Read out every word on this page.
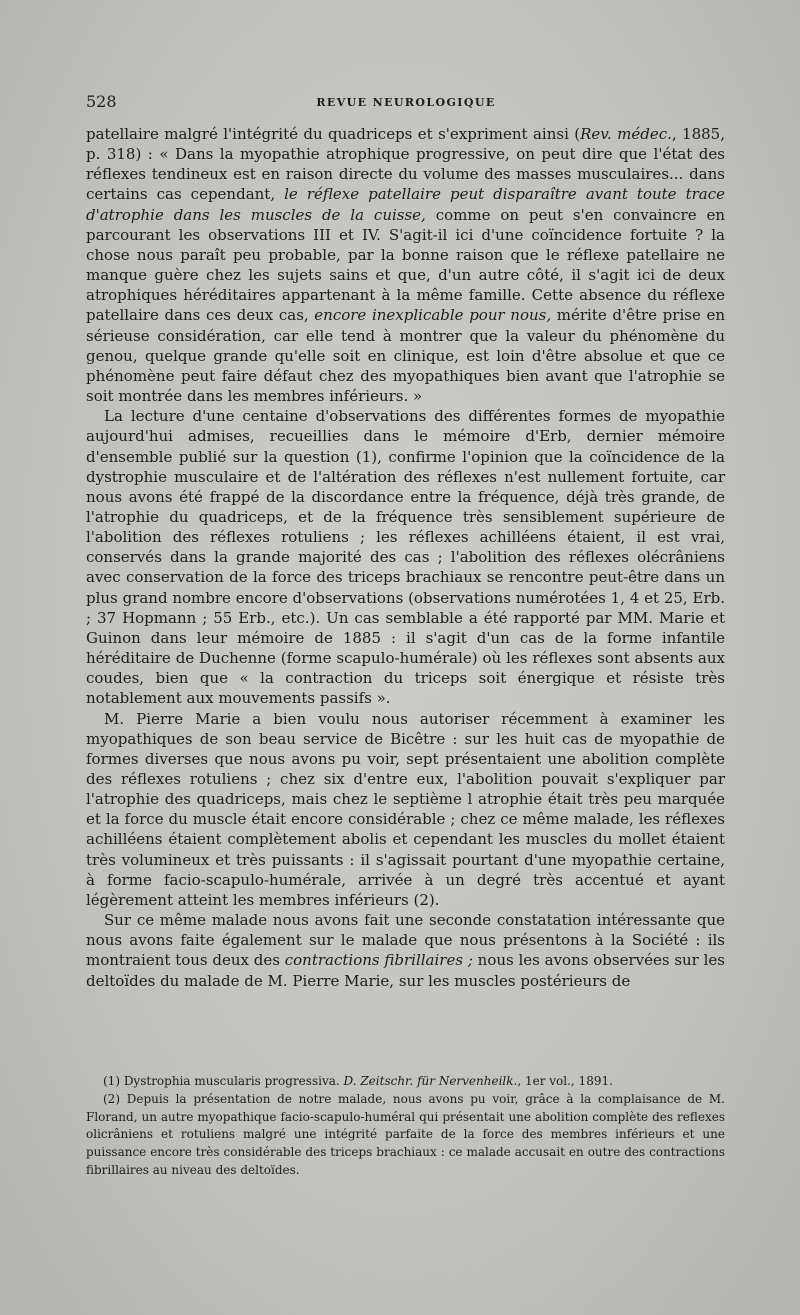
528	REVUE NEUROLOGIQUE

patellaire malgré l'intégrité du quadriceps et s'expriment ainsi (Rev. médec., 1885, p. 318) : « Dans la myopathie atrophique progressive, on peut dire que l'état des réflexes tendineux est en raison directe du volume des masses musculaires... dans certains cas cependant, le réflexe patellaire peut disparaître avant toute trace d'atrophie dans les muscles de la cuisse, comme on peut s'en convaincre en parcourant les observations III et IV. S'agit-il ici d'une coïncidence fortuite ? la chose nous paraît peu probable, par la bonne raison que le réflexe patellaire ne manque guère chez les sujets sains et que, d'un autre côté, il s'agit ici de deux atrophiques héréditaires appartenant à la même famille. Cette absence du réflexe patellaire dans ces deux cas, encore inexplicable pour nous, mérite d'être prise en sérieuse considération, car elle tend à montrer que la valeur du phénomène du genou, quelque grande qu'elle soit en clinique, est loin d'être absolue et que ce phénomène peut faire défaut chez des myopathiques bien avant que l'atrophie se soit montrée dans les membres inférieurs. »

La lecture d'une centaine d'observations des différentes formes de myopathie aujourd'hui admises, recueillies dans le mémoire d'Erb, dernier mémoire d'ensemble publié sur la question (1), confirme l'opinion que la coïncidence de la dystrophie musculaire et de l'altération des réflexes n'est nullement fortuite, car nous avons été frappé de la discordance entre la fréquence, déjà très grande, de l'atrophie du quadriceps, et de la fréquence très sensiblement supérieure de l'abolition des réflexes rotuliens ; les réflexes achilléens étaient, il est vrai, conservés dans la grande majorité des cas ; l'abolition des réflexes olécrâniens avec conservation de la force des triceps brachiaux se rencontre peut-être dans un plus grand nombre encore d'observations (observations numérotées 1, 4 et 25, Erb. ; 37 Hopmann ; 55 Erb., etc.). Un cas semblable a été rapporté par MM. Marie et Guinon dans leur mémoire de 1885 : il s'agit d'un cas de la forme infantile héréditaire de Duchenne (forme scapulo-humérale) où les réflexes sont absents aux coudes, bien que « la contraction du triceps soit énergique et résiste très notablement aux mouvements passifs ».

M. Pierre Marie a bien voulu nous autoriser récemment à examiner les myopathiques de son beau service de Bicêtre : sur les huit cas de myopathie de formes diverses que nous avons pu voir, sept présentaient une abolition complète des réflexes rotuliens ; chez six d'entre eux, l'abolition pouvait s'expliquer par l'atrophie des quadriceps, mais chez le septième l atrophie était très peu marquée et la force du muscle était encore considérable ; chez ce même malade, les réflexes achilléens étaient complètement abolis et cependant les muscles du mollet étaient très volumineux et très puissants : il s'agissait pourtant d'une myopathie certaine, à forme facio-scapulo-humérale, arrivée à un degré très accentué et ayant légèrement atteint les membres inférieurs (2).

Sur ce même malade nous avons fait une seconde constatation intéressante que nous avons faite également sur le malade que nous présentons à la Société : ils montraient tous deux des contractions fibrillaires ; nous les avons observées sur les deltoïdes du malade de M. Pierre Marie, sur les muscles postérieurs de

(1) Dystrophia muscularis progressiva. D. Zeitschr. für Nervenheilk., 1er vol., 1891.

(2) Depuis la présentation de notre malade, nous avons pu voir, grâce à la complaisance de M. Florand, un autre myopathique facio-scapulo-huméral qui présentait une abolition complète des reflexes olicrâniens et rotuliens malgré une intégrité parfaite de la force des membres inférieurs et une puissance encore très considérable des triceps brachiaux : ce malade accusait en outre des contractions fibrillaires au niveau des deltoïdes.
